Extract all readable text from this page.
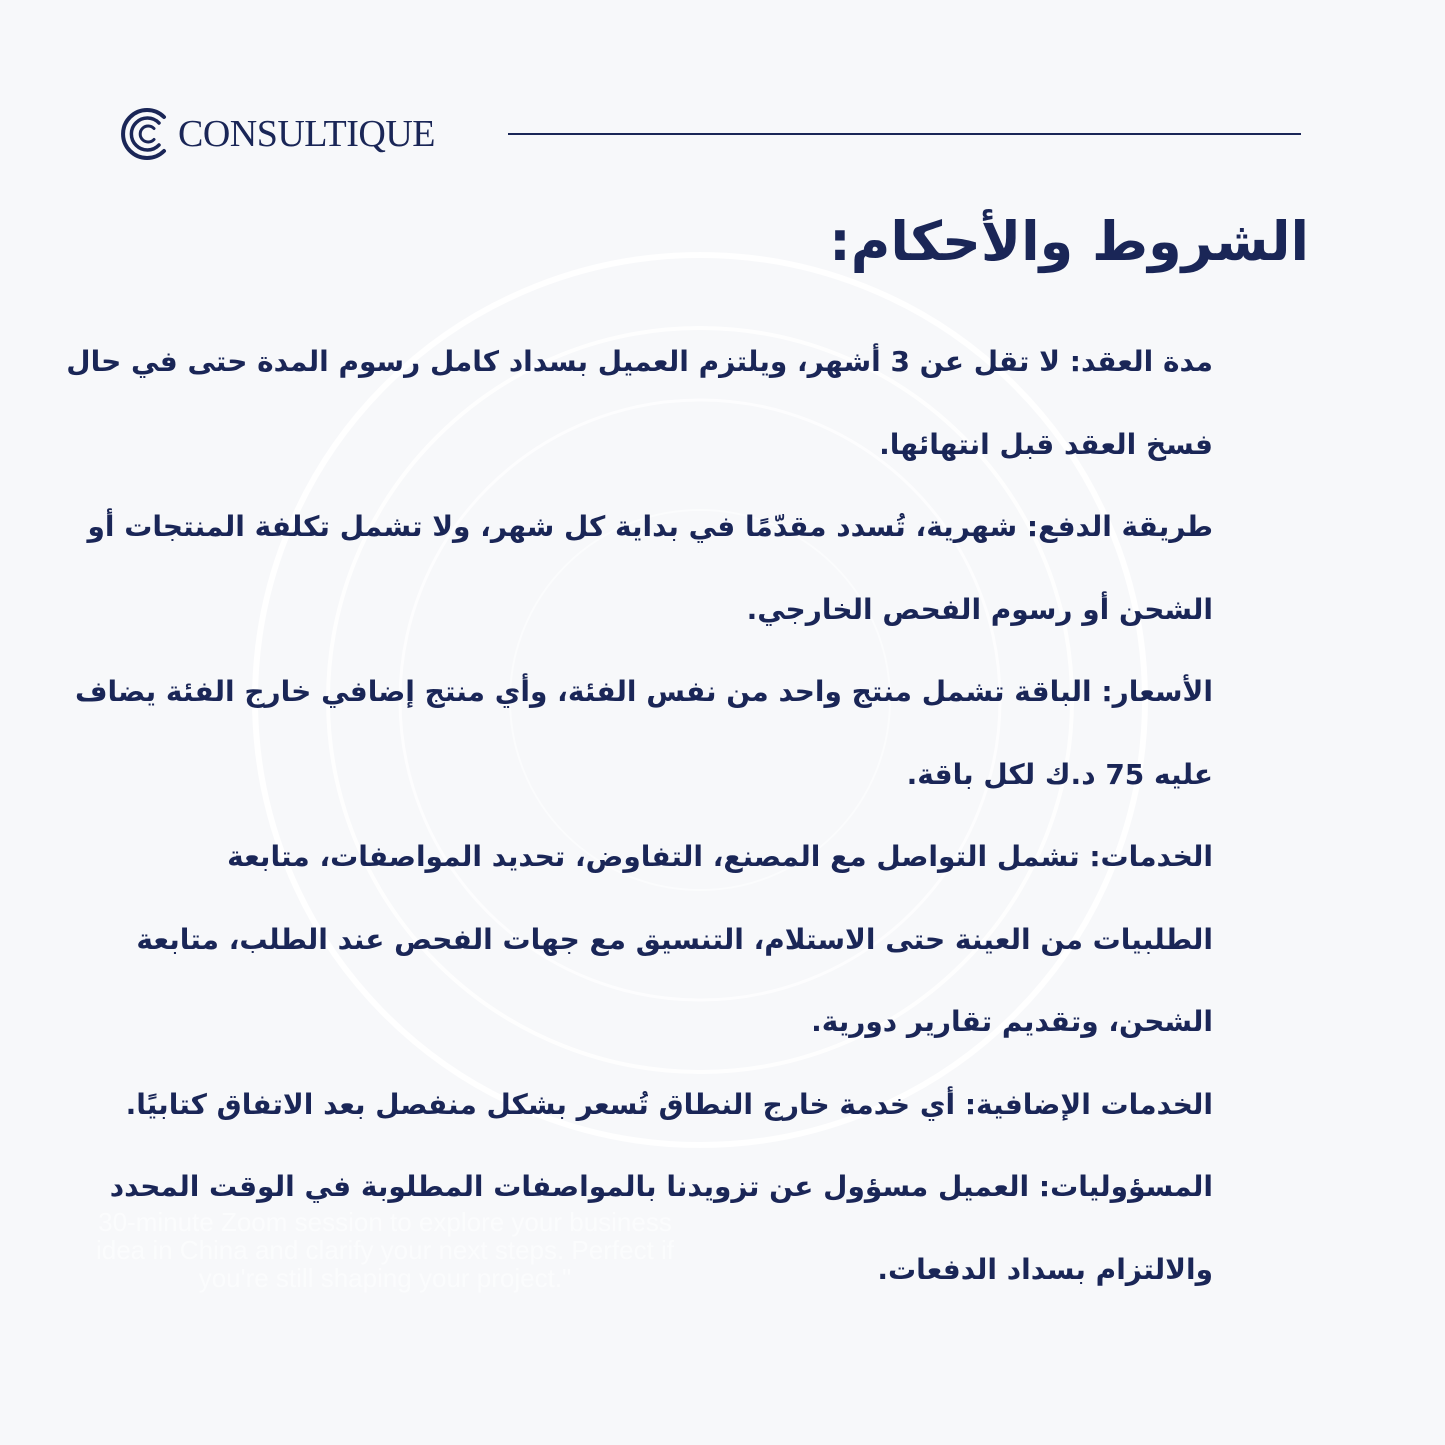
CONSULTIQUE
الشروط والأحكام:
مدة العقد: لا تقل عن 3 أشهر، ويلتزم العميل بسداد كامل رسوم المدة حتى في حال
فسخ العقد قبل انتهائها.
طريقة الدفع: شهرية، تُسدد مقدّمًا في بداية كل شهر، ولا تشمل تكلفة المنتجات أو
الشحن أو رسوم الفحص الخارجي.
الأسعار: الباقة تشمل منتج واحد من نفس الفئة، وأي منتج إضافي خارج الفئة يضاف
عليه 75 د.ك لكل باقة.
الخدمات: تشمل التواصل مع المصنع، التفاوض، تحديد المواصفات، متابعة
الطلبيات من العينة حتى الاستلام، التنسيق مع جهات الفحص عند الطلب، متابعة
الشحن، وتقديم تقارير دورية.
الخدمات الإضافية: أي خدمة خارج النطاق تُسعر بشكل منفصل بعد الاتفاق كتابيًا.
المسؤوليات: العميل مسؤول عن تزويدنا بالمواصفات المطلوبة في الوقت المحدد
والالتزام بسداد الدفعات.
30-minute Zoom session to explore your business
idea in China and clarify your next steps. Perfect if
you're still shaping your project."
